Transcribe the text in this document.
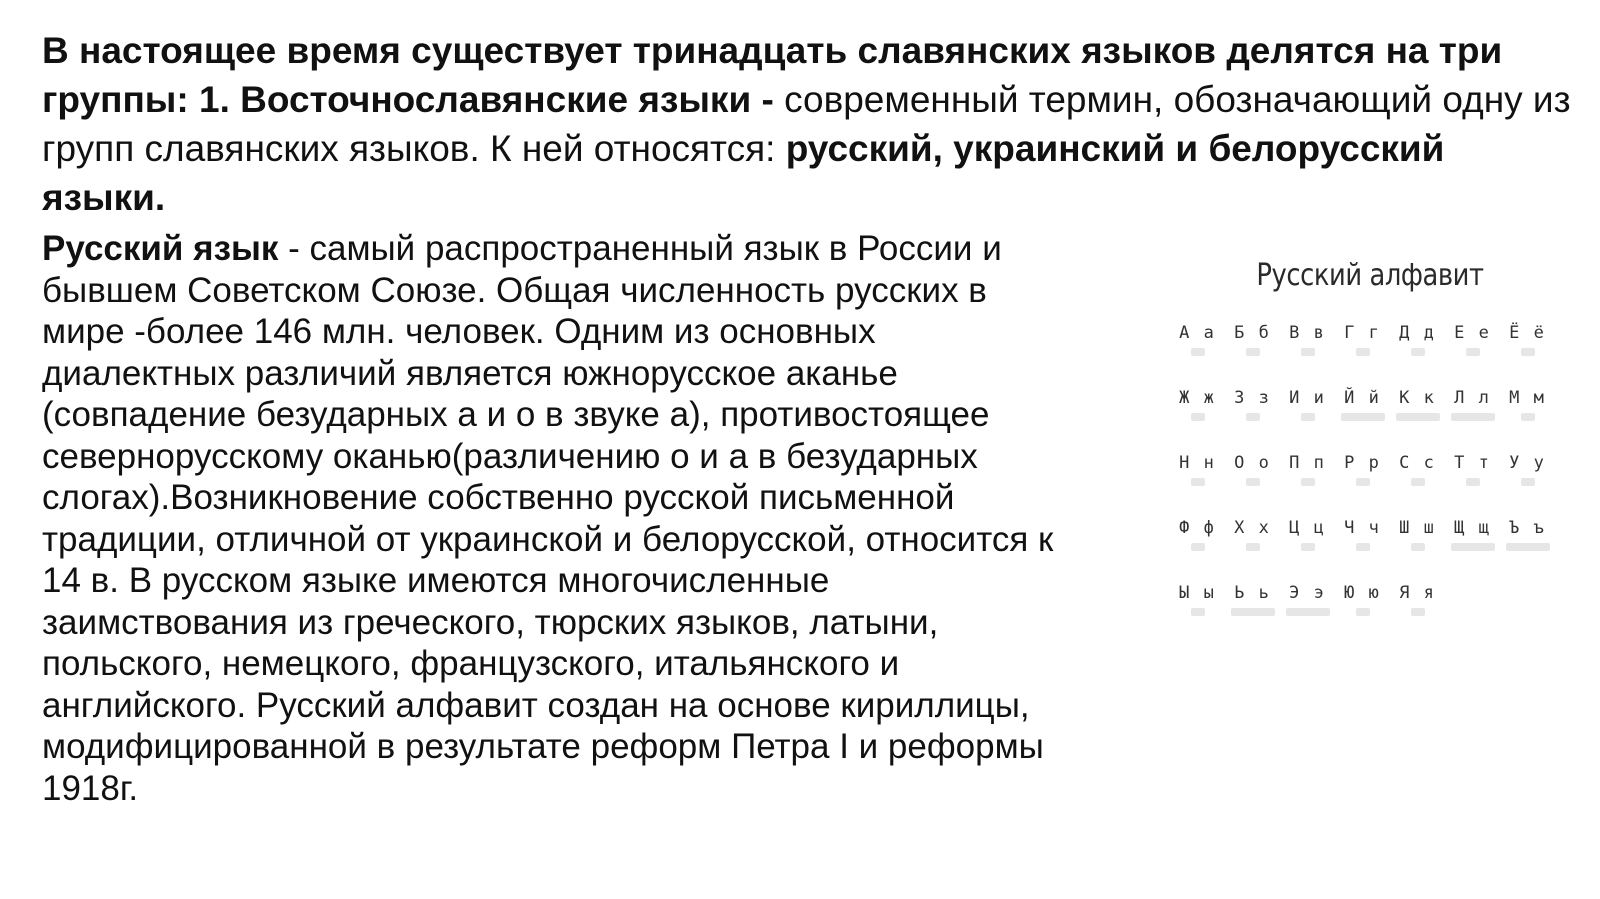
В настоящее время существует тринадцать славянских языков делятся на три группы: 1. Восточнославянские языки - современный термин, обозначающий одну из групп славянских языков. К ней относятся: русский, украинский и белорусский языки.

Русский язык - самый распространенный язык в России и
бывшем Советском Союзе. Общая численность русских в
мире -более 146 млн. человек. Одним из основных
диалектных различий является южнорусское аканье
(совпадение безударных а и о в звуке а), противостоящее
севернорусскому оканью(различению о и а в безударных
слогах).Возникновение собственно русской письменной
традиции, отличной от украинской и белорусской, относится к
14 в. В русском языке имеются многочисленные
заимствования из греческого, тюрских языков, латыни,
польского, немецкого, французского, итальянского и
английского. Русский алфавит создан на основе кириллицы,
модифицированной в результате реформ Петра I и реформы
1918г.

Русский алфавит
А а	Б б	В в	Г г	Д д	Е е	Ё ё
Ж ж	З з	И и	Й й	К к	Л л	М м
Н н	О о	П п	Р р	С с	Т т	У у
Ф ф	Х х	Ц ц	Ч ч	Ш ш	Щ щ	Ъ ъ
Ы ы	Ь ь	Э э	Ю ю	Я я
